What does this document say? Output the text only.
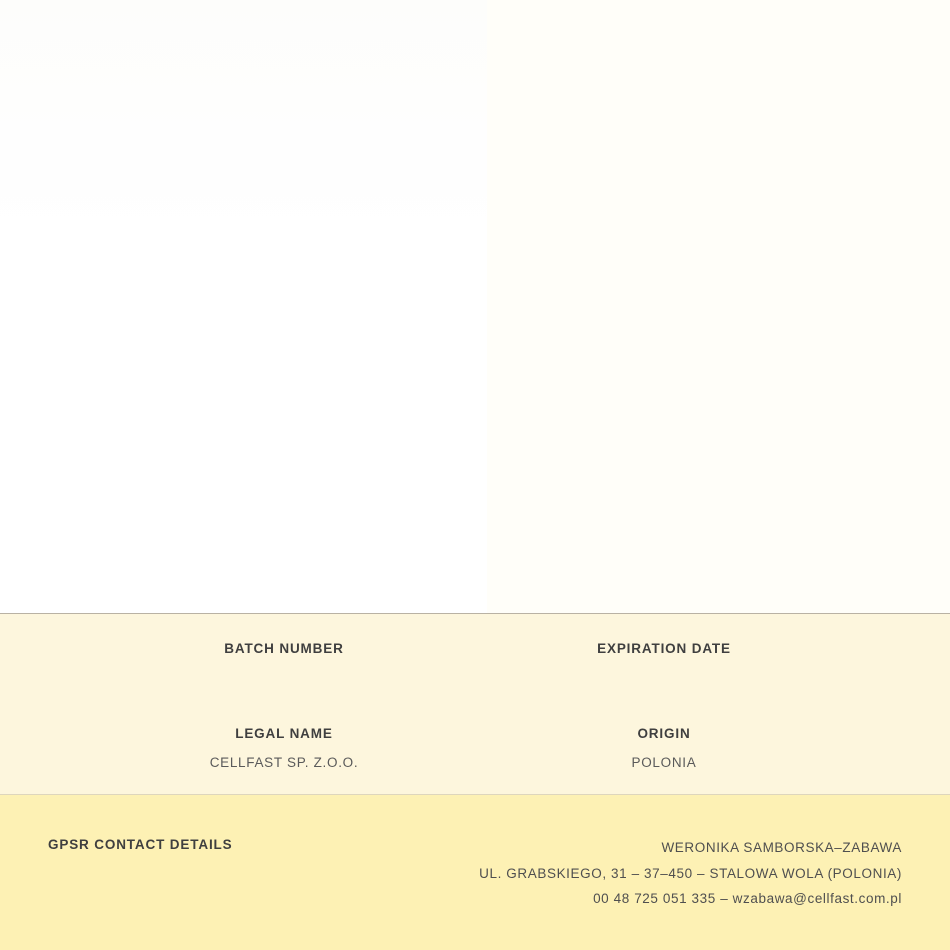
BATCH NUMBER	EXPIRATION DATE
LEGAL NAME
CELLFAST SP. Z.O.O.
ORIGIN
POLONIA
GPSR CONTACT DETAILS	WERONIKA SAMBORSKA–ZABAWA
UL. GRABSKIEGO, 31 – 37–450 – STALOWA WOLA (POLONIA)
00 48 725 051 335 – wzabawa@cellfast.com.pl
